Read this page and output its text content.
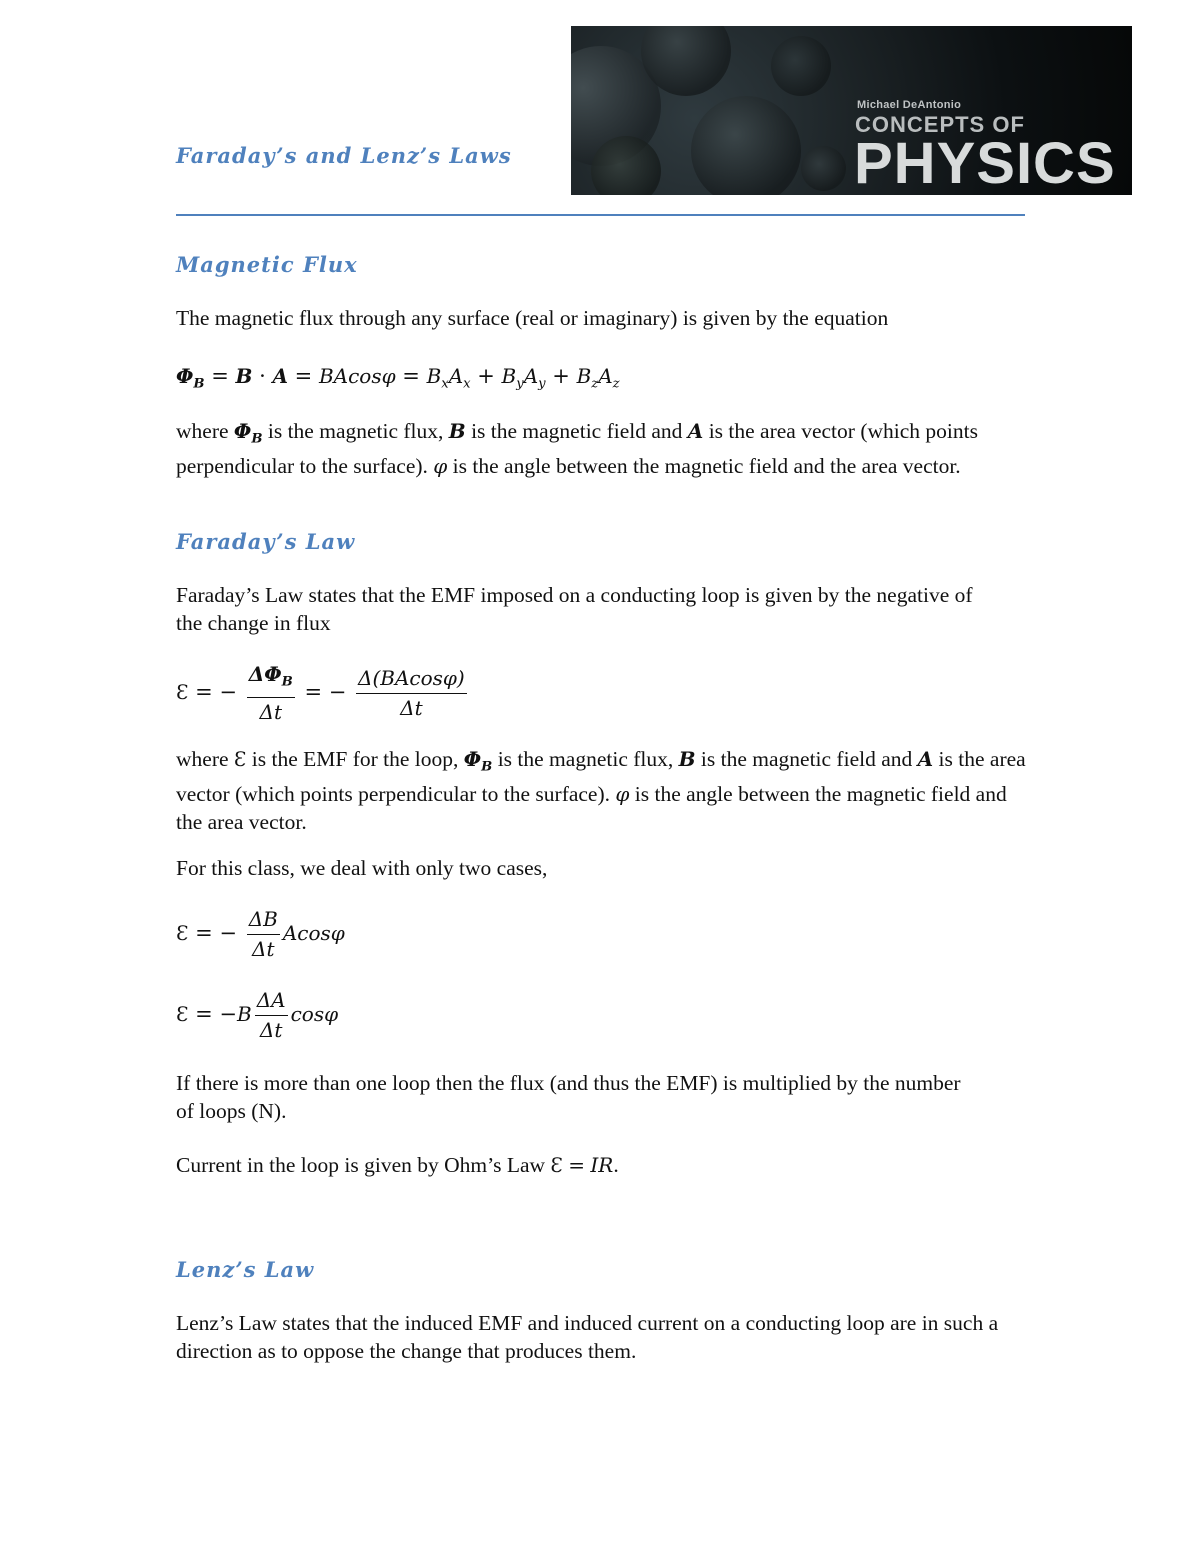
Faraday’s and Lenz’s Laws
Michael DeAntonio
CONCEPTS OF
PHYSICS
Magnetic Flux

The magnetic flux through any surface (real or imaginary) is given by the equation

$\Phi_B = B \cdot A = BAcos\varphi = B_xA_x + B_yA_y + B_zA_z$

where $\Phi_B$ is the magnetic flux, B is the magnetic field and A is the area vector (which points perpendicular to the surface). φ is the angle between the magnetic field and the area vector.

Faraday’s Law

Faraday’s Law states that the EMF imposed on a conducting loop is given by the negative of the change in flux

Ɛ = − $\frac{\Delta\Phi_B}{\Delta t}$ = − $\frac{\Delta(BAcos\varphi)}{\Delta t}$

where Ɛ is the EMF for the loop, $\Phi_B$ is the magnetic flux, B is the magnetic field and A is the area vector (which points perpendicular to the surface). φ is the angle between the magnetic field and the area vector.

For this class, we deal with only two cases,

Ɛ = − $\frac{\Delta B}{\Delta t}$ Acosφ
Ɛ = $-B \frac{\Delta A}{\Delta t}$ cosφ

If there is more than one loop then the flux (and thus the EMF) is multiplied by the number of loops (N).

Current in the loop is given by Ohm’s Law Ɛ = IR.

Lenz’s Law

Lenz’s Law states that the induced EMF and induced current on a conducting loop are in such a direction as to oppose the change that produces them.
